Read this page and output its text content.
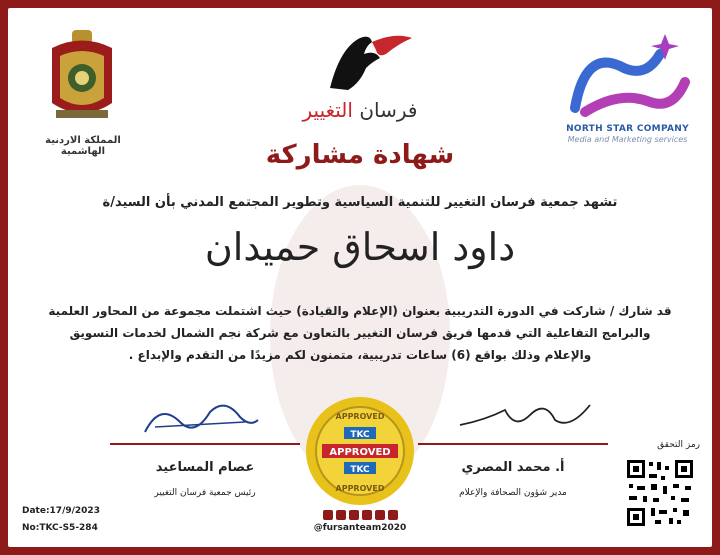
المملكة الاردنية الهاشمية
فرسان التغيير
NORTH STAR COMPANY
Media and Marketing services
شهادة مشاركة
تشهد جمعية فرسان التغيير للتنمية السياسية وتطوير المجتمع المدني بأن السيد/ة
داود اسحاق حميدان
قد شارك / شاركت في الدورة التدريبية بعنوان (الإعلام والقيادة) حيث اشتملت مجموعة من المحاور العلمية
والبرامج التفاعلية التي قدمها فريق فرسان التغيير بالتعاون مع شركة نجم الشمال لخدمات التسويق
والإعلام وذلك بواقع (6) ساعات تدريبية، متمنون لكم مزيدًا من التقدم والإبداع .
عصام المساعيد
رئيس جمعية فرسان التغيير
أ. محمد المصري
مدير شؤون الصحافة والإعلام
APPROVED
TKC
APPROVED
TKC
APPROVED
@fursanteam2020
Date:17/9/2023
No:TKC-S5-284
رمز التحقق
